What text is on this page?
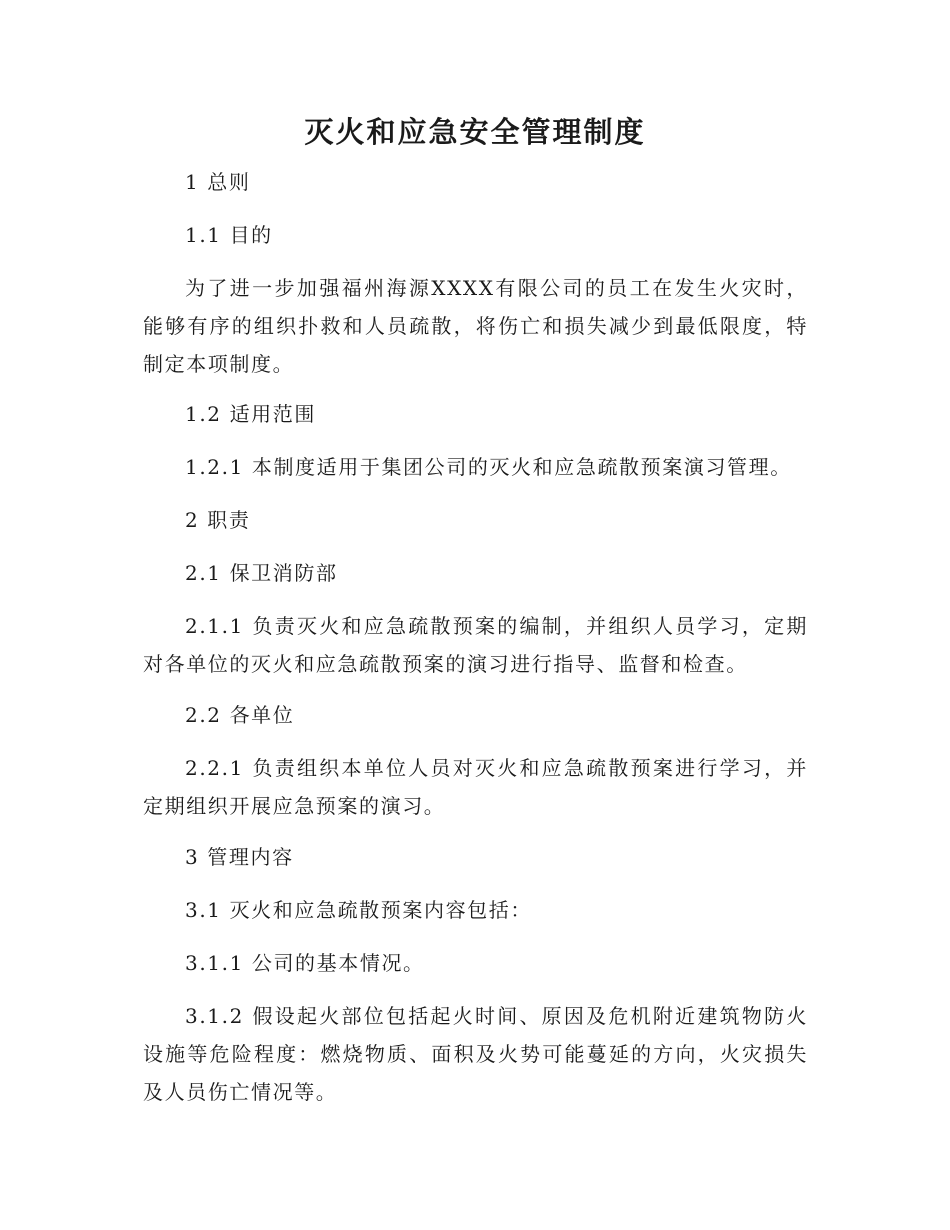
灭火和应急安全管理制度
1 总则
1.1 目的
为了进一步加强福州海源XXXX有限公司的员工在发生火灾时，能够有序的组织扑救和人员疏散，将伤亡和损失减少到最低限度，特制定本项制度。
1.2 适用范围
1.2.1 本制度适用于集团公司的灭火和应急疏散预案演习管理。
2 职责
2.1 保卫消防部
2.1.1 负责灭火和应急疏散预案的编制，并组织人员学习，定期对各单位的灭火和应急疏散预案的演习进行指导、监督和检查。
2.2 各单位
2.2.1 负责组织本单位人员对灭火和应急疏散预案进行学习，并定期组织开展应急预案的演习。
3 管理内容
3.1 灭火和应急疏散预案内容包括：
3.1.1 公司的基本情况。
3.1.2 假设起火部位包括起火时间、原因及危机附近建筑物防火设施等危险程度：燃烧物质、面积及火势可能蔓延的方向，火灾损失及人员伤亡情况等。
